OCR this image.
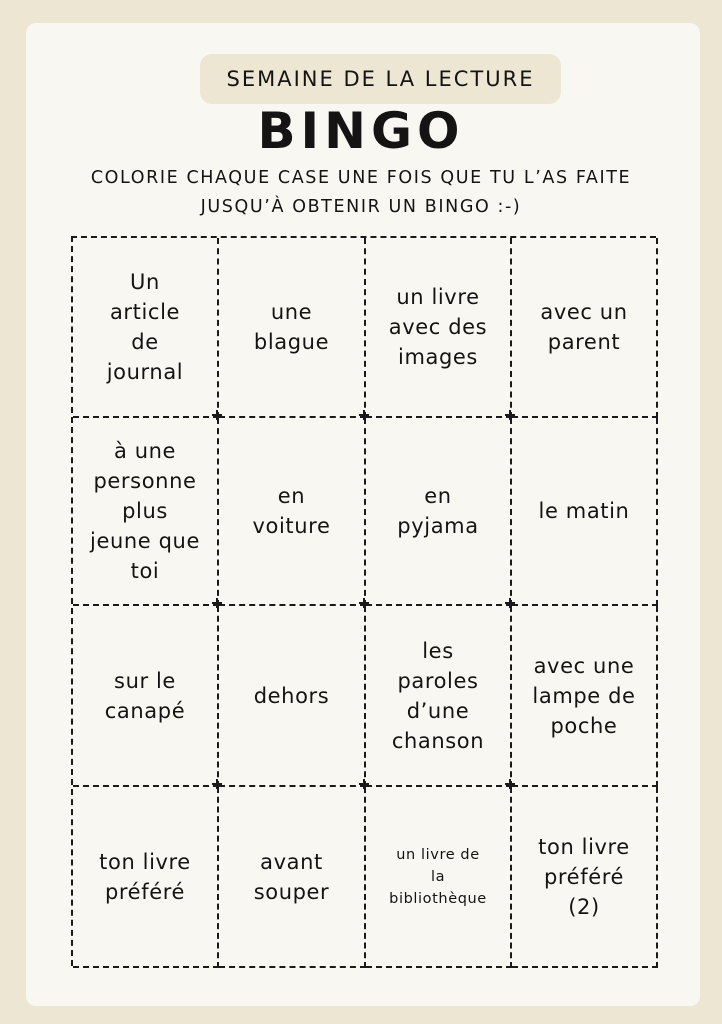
SEMAINE DE LA LECTURE
BINGO
COLORIE CHAQUE CASE UNE FOIS QUE TU L’AS FAITE
JUSQU’À OBTENIR UN BINGO :-)
Un
article
de
journal
une
blague
un livre
avec des
images
avec un
parent
à une
personne
plus
jeune que
toi
en
voiture
en
pyjama
le matin
sur le
canapé
dehors
les
paroles
d’une
chanson
avec une
lampe de
poche
ton livre
préféré
avant
souper
un livre de
la
bibliothèque
ton livre
préféré
(2)
